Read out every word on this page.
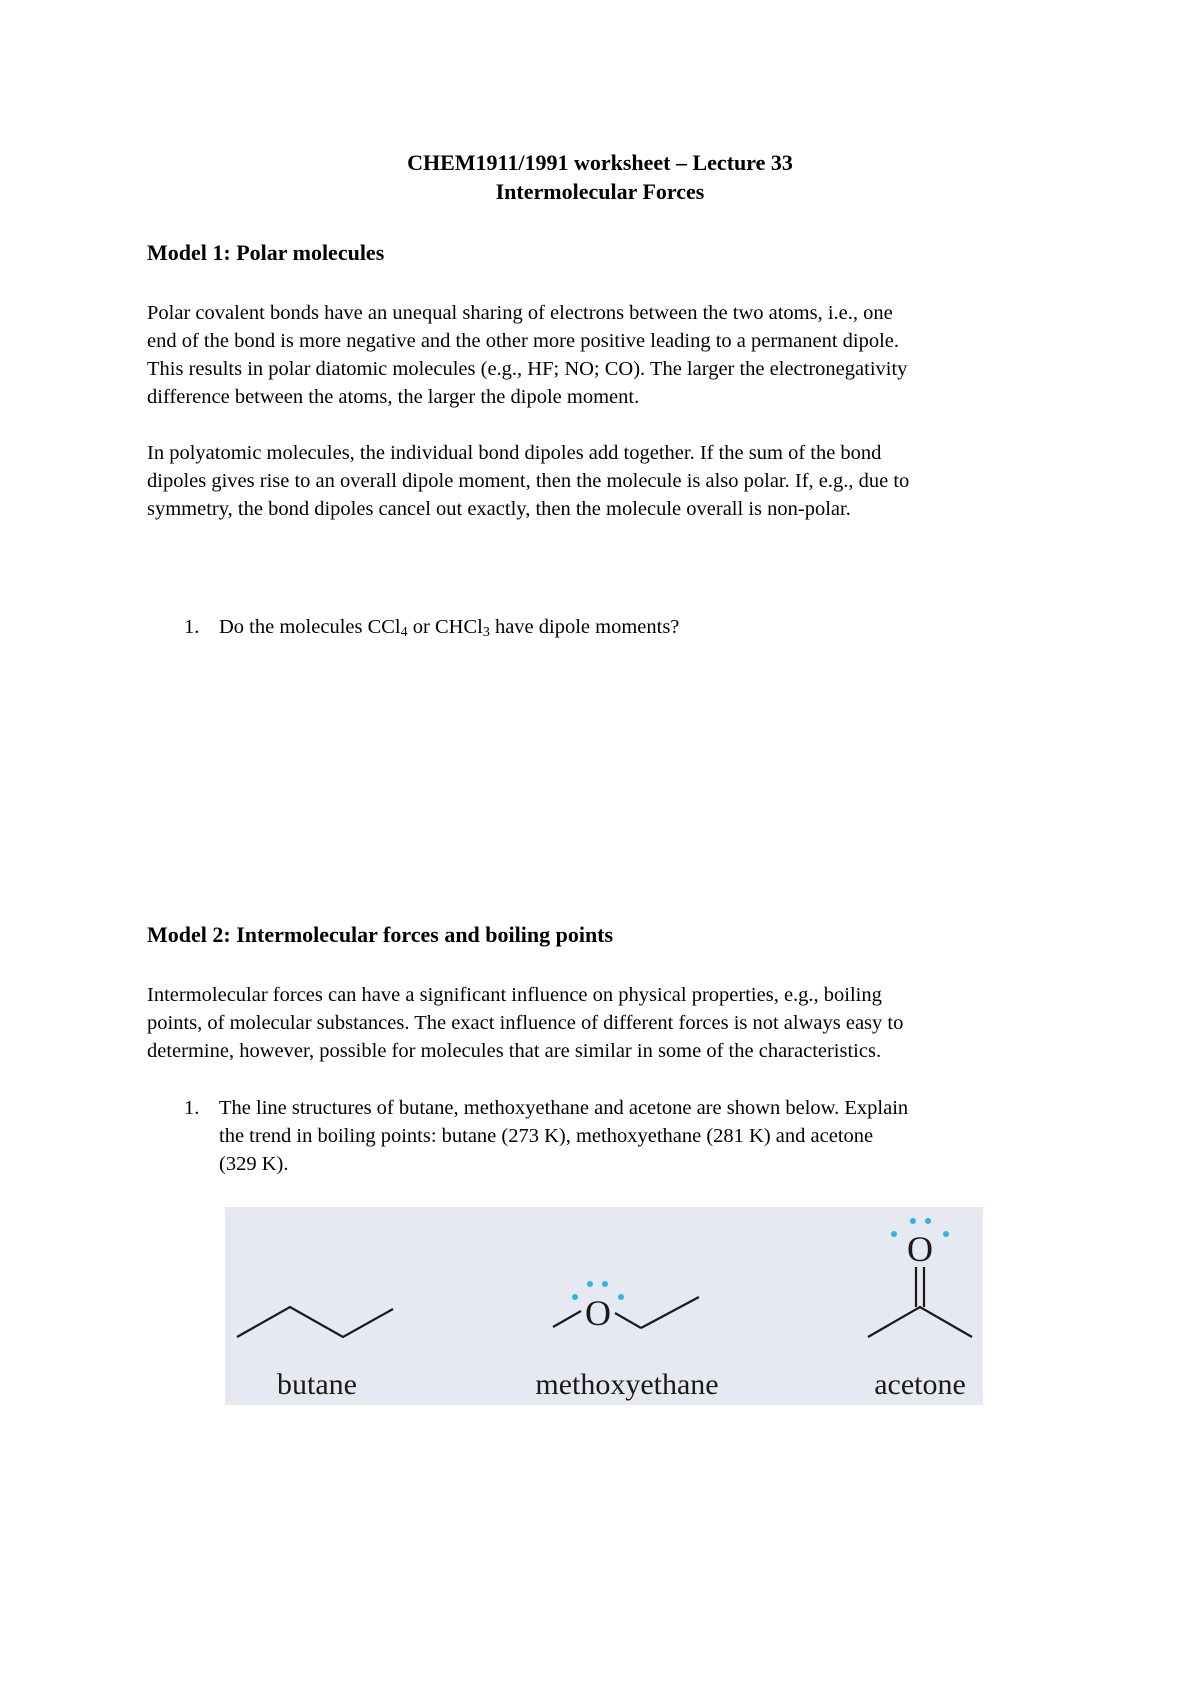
CHEM1911/1991 worksheet – Lecture 33
Intermolecular Forces
Model 1: Polar molecules
Polar covalent bonds have an unequal sharing of electrons between the two atoms, i.e., one
end of the bond is more negative and the other more positive leading to a permanent dipole.
This results in polar diatomic molecules (e.g., HF; NO; CO). The larger the electronegativity
difference between the atoms, the larger the dipole moment.
In polyatomic molecules, the individual bond dipoles add together. If the sum of the bond
dipoles gives rise to an overall dipole moment, then the molecule is also polar. If, e.g., due to
symmetry, the bond dipoles cancel out exactly, then the molecule overall is non-polar.
1. Do the molecules CCl$_4$ or CHCl$_3$ have dipole moments?

Model 2: Intermolecular forces and boiling points
Intermolecular forces can have a significant influence on physical properties, e.g., boiling
points, of molecular substances. The exact influence of different forces is not always easy to
determine, however, possible for molecules that are similar in some of the characteristics.
1. The line structures of butane, methoxyethane and acetone are shown below. Explain
the trend in boiling points: butane (273 K), methoxyethane (281 K) and acetone
(329 K).
butane
O
methoxyethane
O
acetone
